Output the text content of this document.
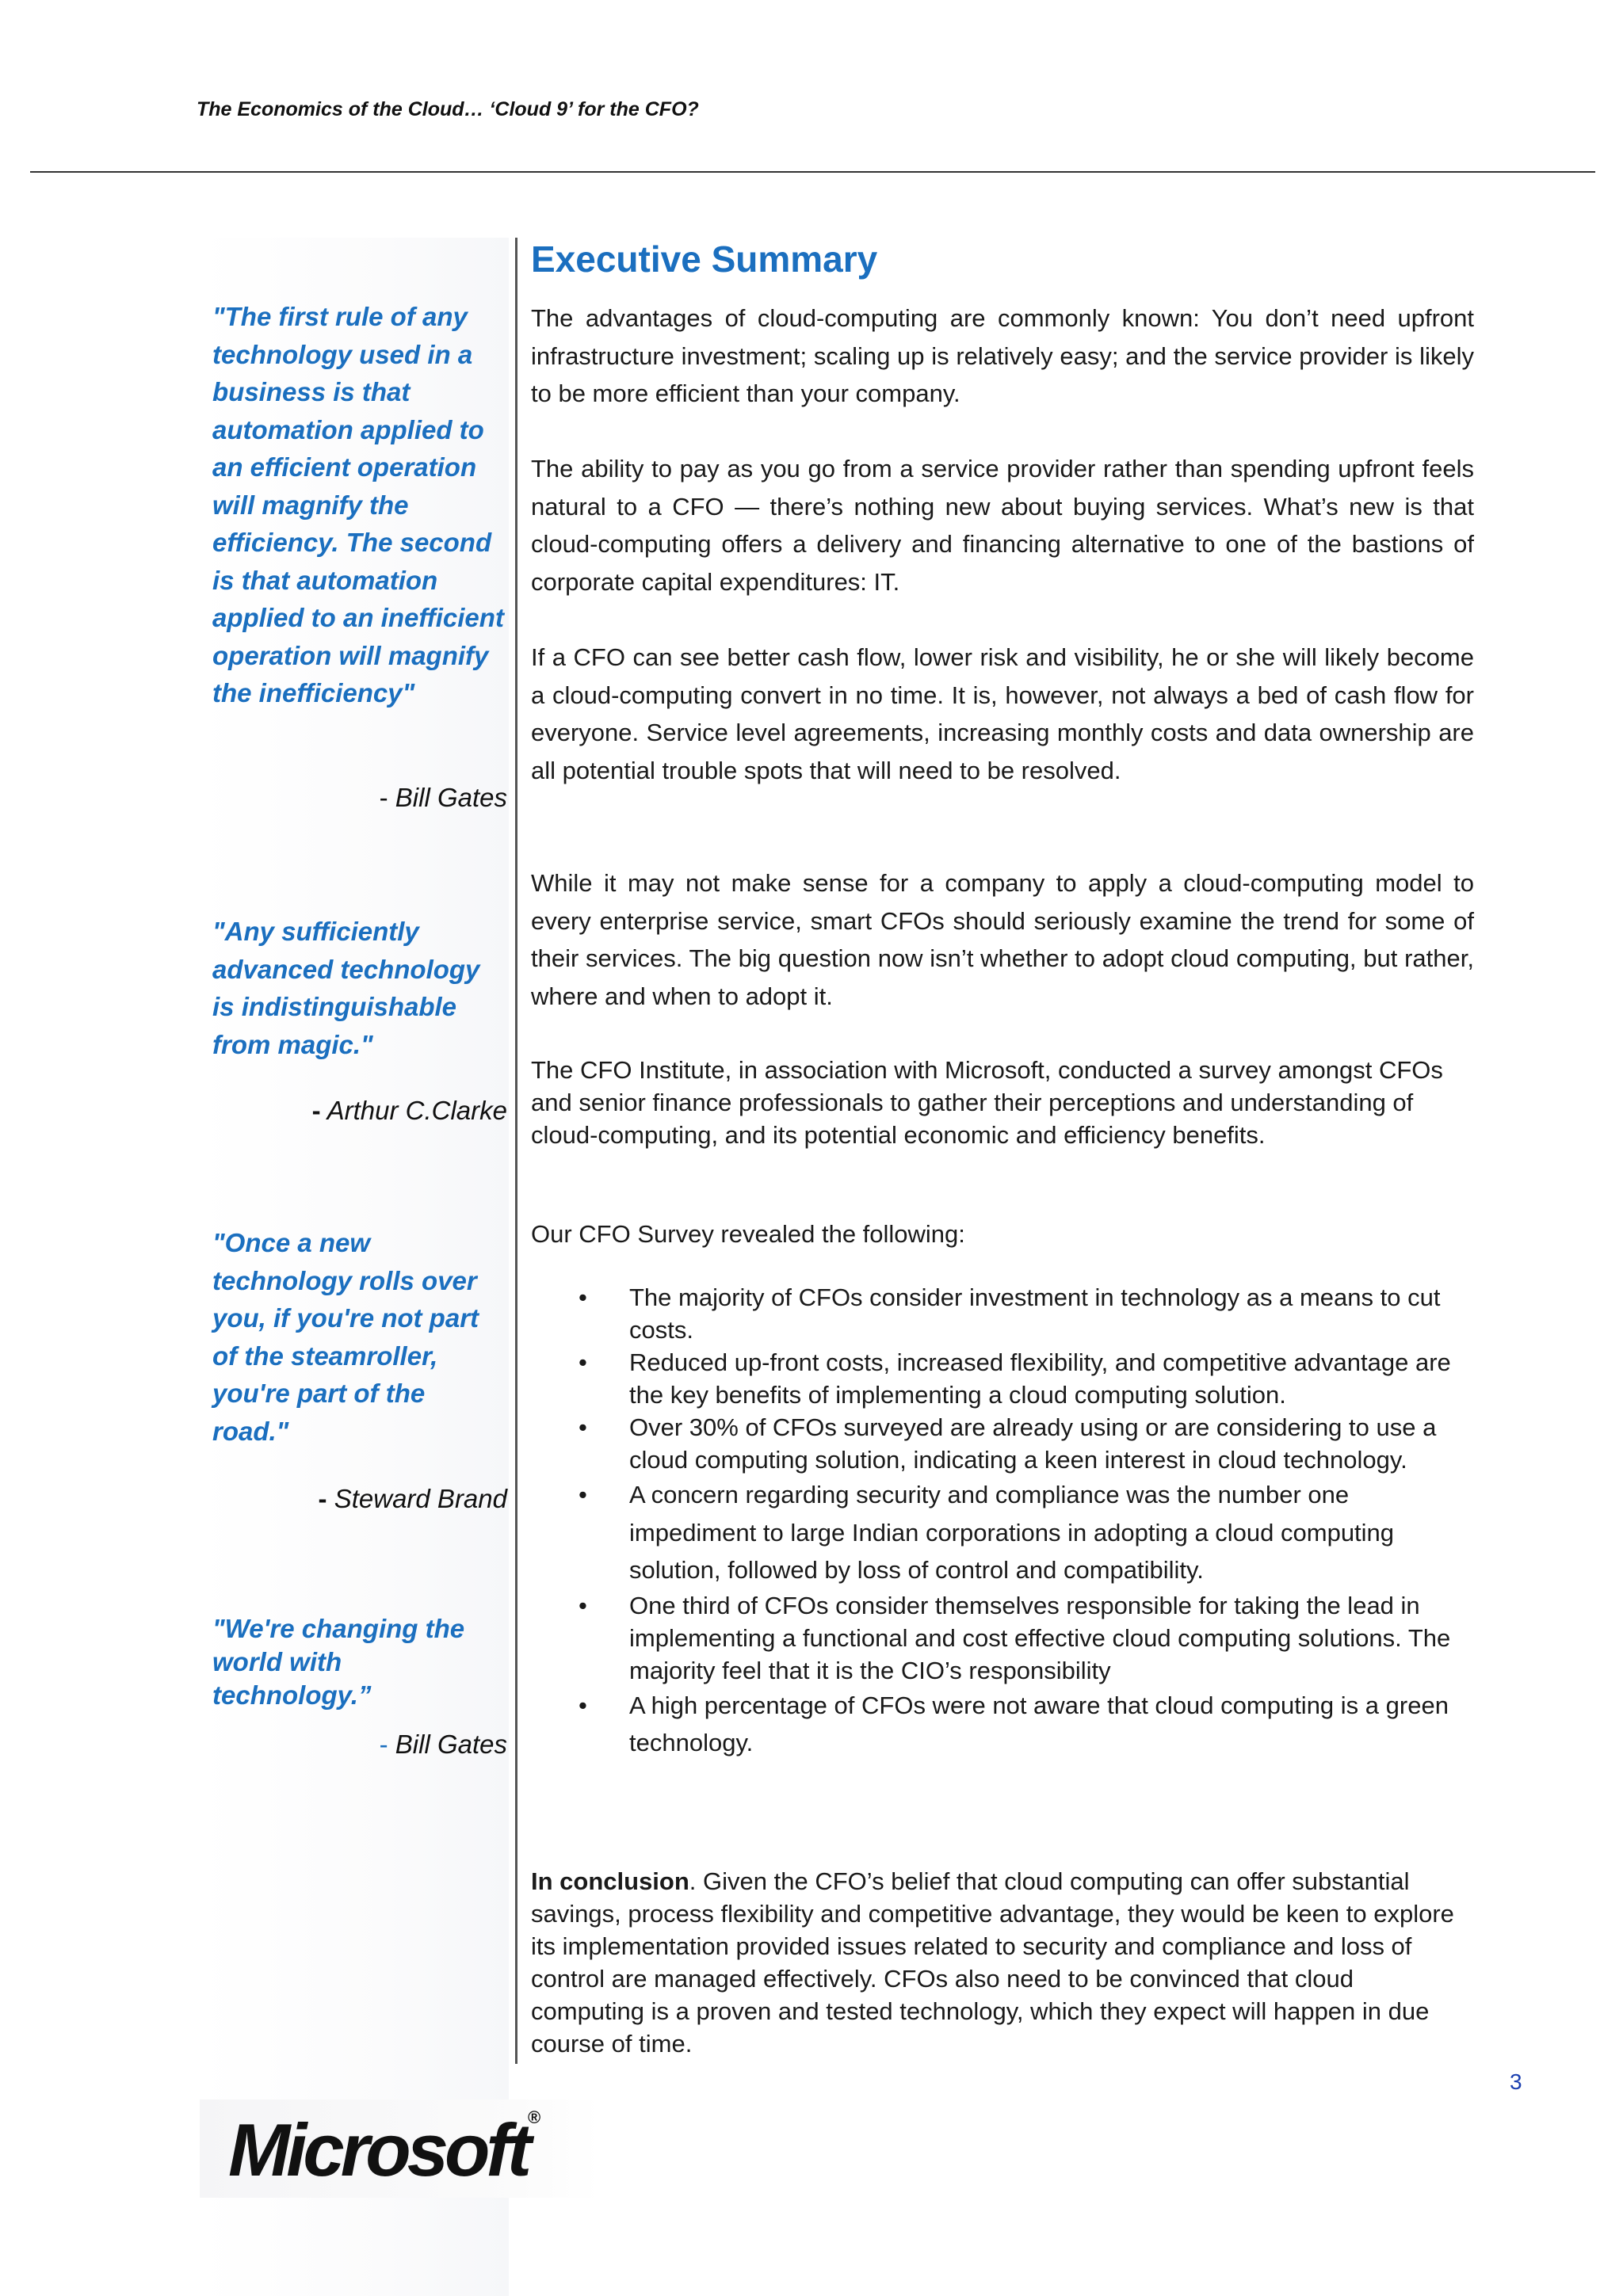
The Economics of the Cloud… ‘Cloud 9’ for the CFO?
"The first rule of any technology used in a business is that automation applied to an efficient operation will magnify the efficiency. The second is that automation applied to an inefficient operation will magnify the inefficiency"
- Bill Gates
"Any sufficiently advanced technology is indistinguishable from magic."
- Arthur C.Clarke
"Once a new technology rolls over you, if you're not part of the steamroller, you're part of the road."
- Steward Brand
"We're changing the world with technology.”
- Bill Gates
Executive Summary

The advantages of cloud-computing are commonly known: You don’t need upfront infrastructure investment; scaling up is relatively easy; and the service provider is likely to be more efficient than your company.

The ability to pay as you go from a service provider rather than spending upfront feels natural to a CFO — there’s nothing new about buying services. What’s new is that cloud-computing offers a delivery and financing alternative to one of the bastions of corporate capital expenditures: IT.

If a CFO can see better cash flow, lower risk and visibility, he or she will likely become a cloud-computing convert in no time. It is, however, not always a bed of cash flow for everyone. Service level agreements, increasing monthly costs and data ownership are all potential trouble spots that will need to be resolved.

While it may not make sense for a company to apply a cloud-computing model to every enterprise service, smart CFOs should seriously examine the trend for some of their services. The big question now isn’t whether to adopt cloud computing, but rather, where and when to adopt it.

The CFO Institute, in association with Microsoft, conducted a survey amongst CFOs and senior finance professionals to gather their perceptions and understanding of cloud-computing, and its potential economic and efficiency benefits.

Our CFO Survey revealed the following:

• The majority of CFOs consider investment in technology as a means to cut costs.
• Reduced up-front costs, increased flexibility, and competitive advantage are the key benefits of implementing a cloud computing solution.
• Over 30% of CFOs surveyed are already using or are considering to use a cloud computing solution, indicating a keen interest in cloud technology.
• A concern regarding security and compliance was the number one impediment to large Indian corporations in adopting a cloud computing solution, followed by loss of control and compatibility.
• One third of CFOs consider themselves responsible for taking the lead in implementing a functional and cost effective cloud computing solutions. The majority feel that it is the CIO’s responsibility
• A high percentage of CFOs were not aware that cloud computing is a green technology.

In conclusion. Given the CFO’s belief that cloud computing can offer substantial savings, process flexibility and competitive advantage, they would be keen to explore its implementation provided issues related to security and compliance and loss of control are managed effectively. CFOs also need to be convinced that cloud computing is a proven and tested technology, which they expect will happen in due course of time.

3
Microsoft®
